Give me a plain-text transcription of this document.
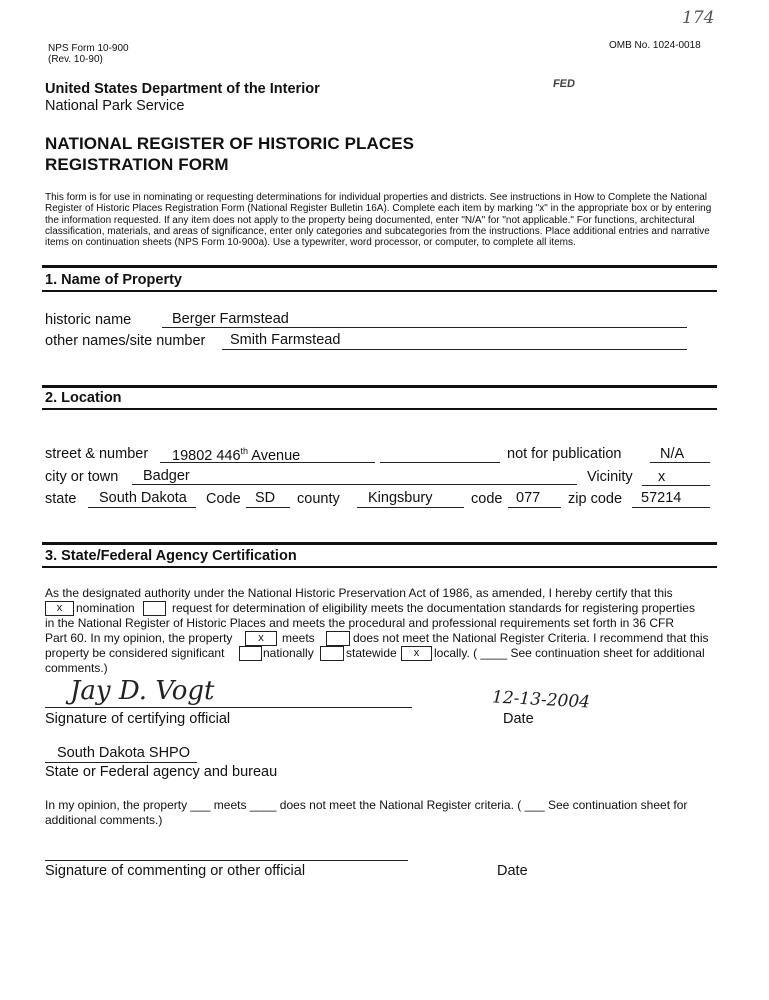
174
FED
NPS Form 10-900
(Rev. 10-90)
OMB No. 1024-0018
United States Department of the Interior
National Park Service
NATIONAL REGISTER OF HISTORIC PLACES
REGISTRATION FORM
This form is for use in nominating or requesting determinations for individual properties and districts. See instructions in How to Complete the National Register of Historic Places Registration Form (National Register Bulletin 16A). Complete each item by marking "x" in the appropriate box or by entering the information requested. If any item does not apply to the property being documented, enter "N/A" for "not applicable." For functions, architectural classification, materials, and areas of significance, enter only categories and subcategories from the instructions. Place additional entries and narrative items on continuation sheets (NPS Form 10-900a). Use a typewriter, word processor, or computer, to complete all items.
1. Name of Property
historic name	Berger Farmstead
other names/site number Smith Farmstead
2. Location
street & number 19802 446th Avenue	not for publication	N/A
city or town Badger	Vicinity x
state South Dakota Code SD county Kingsbury	code 077 zip code 57214
3. State/Federal Agency Certification
As the designated authority under the National Historic Preservation Act of 1986, as amended, I hereby certify that this
x	nomination	request for determination of eligibility meets the documentation standards for registering properties
in the National Register of Historic Places and meets the procedural and professional requirements set forth in 36 CFR
Part 60. In my opinion, the property	x	meets	does not meet the National Register Criteria. I recommend that this
property be considered significant	nationally	statewide	x	locally. ( ____ See continuation sheet for additional
comments.)
Jay D. Vogt
Signature of certifying official
12-13-2004
Date
South Dakota SHPO
State or Federal agency and bureau
In my opinion, the property ___ meets ____ does not meet the National Register criteria. ( ___ See continuation sheet for
additional comments.)
Signature of commenting or other official	Date
